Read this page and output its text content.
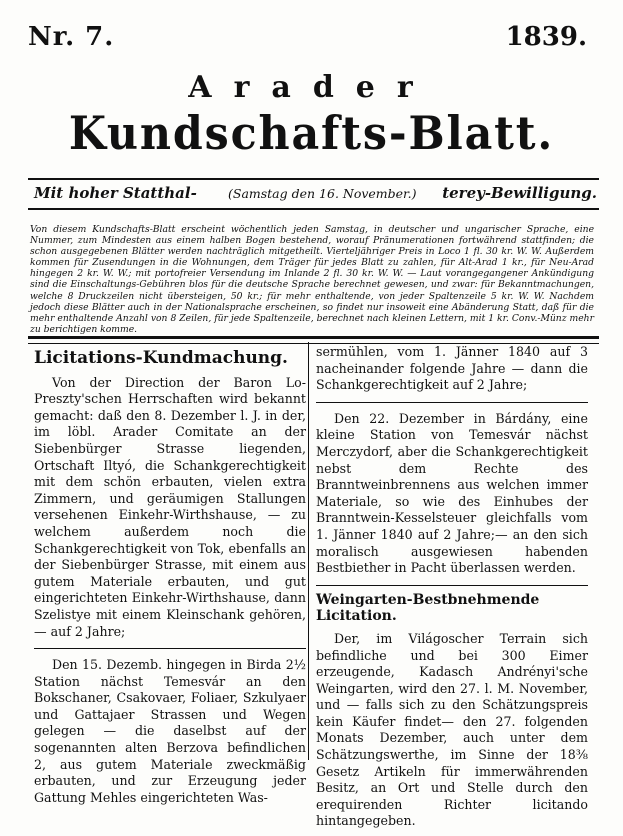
Nr. 7.	1839.
Arader
Kundschafts-Blatt.
Mit hoher Statthal- (Samstag den 16. November.) terey-Bewilligung.
Von diesem Kundschafts-Blatt erscheint wöchentlich jeden Samstag, in deutscher und ungarischer Sprache, eine Nummer, zum Mindesten aus einem halben Bogen bestehend, worauf Pränumerationen fortwährend stattfinden; die schon ausgegebenen Blätter werden nachträglich mitgetheilt. Vierteljähriger Preis in Loco 1 fl. 30 kr. W. W. Außerdem kommen für Zusendungen in die Wohnungen, dem Träger für jedes Blatt zu zahlen, für Alt-Arad 1 kr., für Neu-Arad hingegen 2 kr. W. W.; mit portofreier Versendung im Inlande 2 fl. 30 kr. W. W. — Laut vorangegangener Ankündigung sind die Einschaltungs-Gebühren blos für die deutsche Sprache berechnet gewesen, und zwar: für Bekanntmachungen, welche 8 Druckzeilen nicht übersteigen, 50 kr.; für mehr enthaltende, von jeder Spaltenzeile 5 kr. W. W. Nachdem jedoch diese Blätter auch in der Nationalsprache erscheinen, so findet nur insoweit eine Abänderung Statt, daß für die mehr enthaltende Anzahl von 8 Zeilen, für jede Spaltenzeile, berechnet nach kleinen Lettern, mit 1 kr. Conv.-Münz mehr zu berichtigen komme.
Licitations-Kundmachung.

Von der Direction der Baron Lo-Preszty'schen Herrschaften wird bekannt gemacht: daß den 8. Dezember l. J. in der, im löbl. Arader Comitate an der Siebenbürger Strasse liegenden, Ortschaft Iltyó, die Schankgerechtigkeit mit dem schön erbauten, vielen extra Zimmern, und geräumigen Stallungen versehenen Einkehr-Wirthshause, — zu welchem außerdem noch die Schankgerechtigkeit von Tok, ebenfalls an der Siebenbürger Strasse, mit einem aus gutem Materiale erbauten, und gut eingerichteten Einkehr-Wirthshause, dann Szelistye mit einem Kleinschank gehören, — auf 2 Jahre;

Den 15. Dezemb. hingegen in Birda 2½ Station nächst Temesvár an den Bokschaner, Csakovaer, Foliaer, Szkulyaer und Gattajaer Strassen und Wegen gelegen — die daselbst auf der sogenannten alten Berzova befindlichen 2, aus gutem Materiale zweckmäßig erbauten, und zur Erzeugung jeder Gattung Mehles eingerichteten Was-

sermühlen, vom 1. Jänner 1840 auf 3 nacheinander folgende Jahre — dann die Schankgerechtigkeit auf 2 Jahre;

Den 22. Dezember in Bárdány, eine kleine Station von Temesvár nächst Merczydorf, aber die Schankgerechtigkeit nebst dem Rechte des Branntweinbrennens aus welchen immer Materiale, so wie des Einhubes der Branntwein-Kesselsteuer gleichfalls vom 1. Jänner 1840 auf 2 Jahre;— an den sich moralisch ausgewiesen habenden Bestbiether in Pacht überlassen werden.

Weingarten-Bestbnehmende Licitation.

Der, im Világoscher Terrain sich befindliche und bei 300 Eimer erzeugende, Kadasch Andrényi'sche Weingarten, wird den 27. l. M. November, und — falls sich zu den Schätzungspreis kein Käufer findet— den 27. folgenden Monats Dezember, auch unter dem Schätzungswerthe, im Sinne der 18⅜ Gesetz Artikeln für immerwährenden Besitz, an Ort und Stelle durch den erequirenden Richter licitando hintangegeben.
